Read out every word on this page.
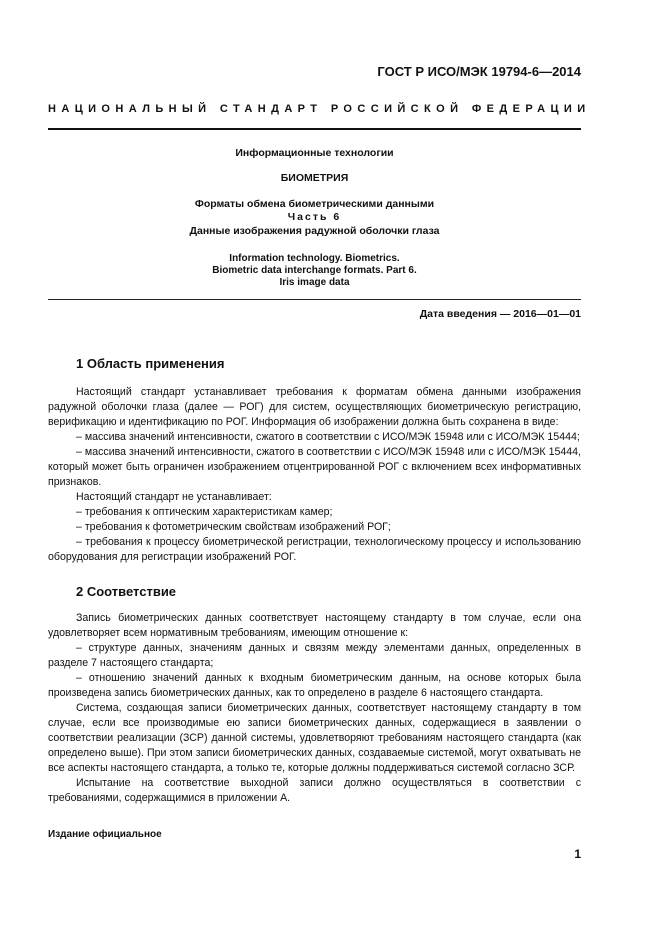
ГОСТ Р ИСО/МЭК 19794-6—2014
НАЦИОНАЛЬНЫЙ СТАНДАРТ РОССИЙСКОЙ ФЕДЕРАЦИИ
Информационные технологии
БИОМЕТРИЯ
Форматы обмена биометрическими данными
Часть 6
Данные изображения радужной оболочки глаза
Information technology. Biometrics.
Biometric data interchange formats. Part 6.
Iris image data
Дата введения — 2016—01—01
1 Область применения

Настоящий стандарт устанавливает требования к форматам обмена данными изображения радужной оболочки глаза (далее — РОГ) для систем, осуществляющих биометрическую регистрацию, верификацию и идентификацию по РОГ. Информация об изображении должна быть сохранена в виде:

– массива значений интенсивности, сжатого в соответствии с ИСО/МЭК 15948 или с ИСО/МЭК 15444;

– массива значений интенсивности, сжатого в соответствии с ИСО/МЭК 15948 или с ИСО/МЭК 15444, который может быть ограничен изображением отцентрированной РОГ с включением всех информативных признаков.

Настоящий стандарт не устанавливает:

– требования к оптическим характеристикам камер;

– требования к фотометрическим свойствам изображений РОГ;

– требования к процессу биометрической регистрации, технологическому процессу и использованию оборудования для регистрации изображений РОГ.

2 Соответствие

Запись биометрических данных соответствует настоящему стандарту в том случае, если она удовлетворяет всем нормативным требованиям, имеющим отношение к:

– структуре данных, значениям данных и связям между элементами данных, определенных в разделе 7 настоящего стандарта;

– отношению значений данных к входным биометрическим данным, на основе которых была произведена запись биометрических данных, как то определено в разделе 6 настоящего стандарта.

Система, создающая записи биометрических данных, соответствует настоящему стандарту в том случае, если все производимые ею записи биометрических данных, содержащиеся в заявлении о соответствии реализации (ЗСР) данной системы, удовлетворяют требованиям настоящего стандарта (как определено выше). При этом записи биометрических данных, создаваемые системой, могут охватывать не все аспекты настоящего стандарта, а только те, которые должны поддерживаться системой согласно ЗСР.

Испытание на соответствие выходной записи должно осуществляться в соответствии с требованиями, содержащимися в приложении А.

Издание официальное
1
